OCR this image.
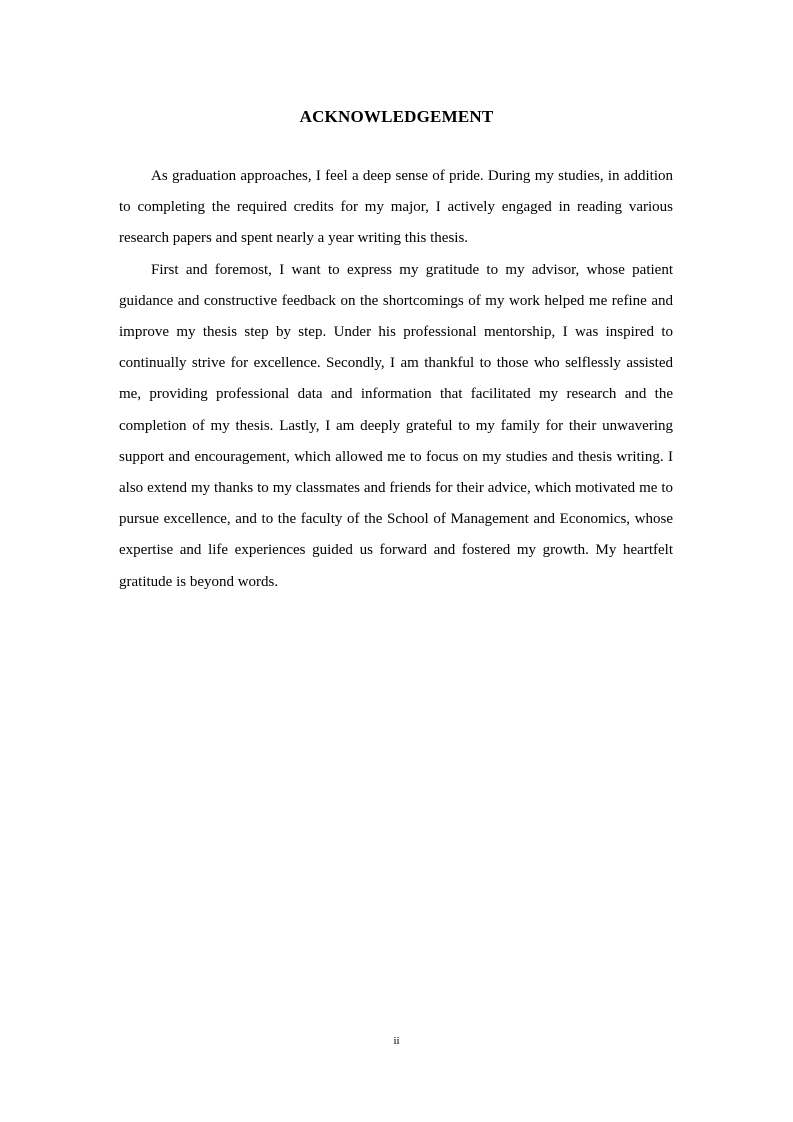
ACKNOWLEDGEMENT

As graduation approaches, I feel a deep sense of pride. During my studies, in addition to completing the required credits for my major, I actively engaged in reading various research papers and spent nearly a year writing this thesis.

First and foremost, I want to express my gratitude to my advisor, whose patient guidance and constructive feedback on the shortcomings of my work helped me refine and improve my thesis step by step. Under his professional mentorship, I was inspired to continually strive for excellence. Secondly, I am thankful to those who selflessly assisted me, providing professional data and information that facilitated my research and the completion of my thesis. Lastly, I am deeply grateful to my family for their unwavering support and encouragement, which allowed me to focus on my studies and thesis writing. I also extend my thanks to my classmates and friends for their advice, which motivated me to pursue excellence, and to the faculty of the School of Management and Economics, whose expertise and life experiences guided us forward and fostered my growth. My heartfelt gratitude is beyond words.

ii
